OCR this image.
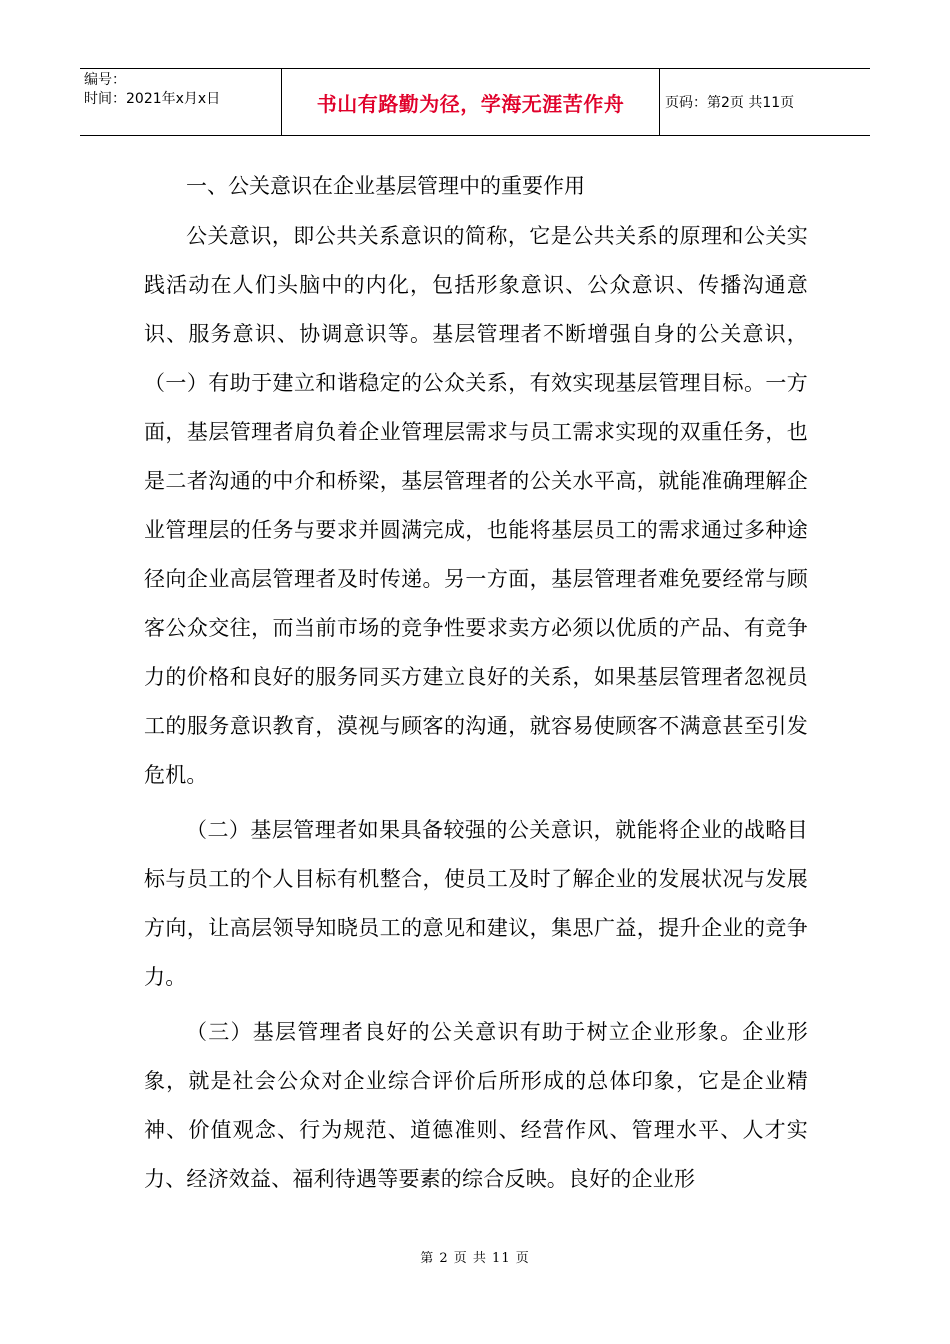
编号：
时间：2021年x月x日	书山有路勤为径，学海无涯苦作舟	页码：第2页 共11页

一、公关意识在企业基层管理中的重要作用

公关意识，即公共关系意识的简称，它是公共关系的原理和公关实践活动在人们头脑中的内化，包括形象意识、公众意识、传播沟通意识、服务意识、协调意识等。基层管理者不断增强自身的公关意识，（一）有助于建立和谐稳定的公众关系，有效实现基层管理目标。一方面，基层管理者肩负着企业管理层需求与员工需求实现的双重任务，也是二者沟通的中介和桥梁，基层管理者的公关水平高，就能准确理解企业管理层的任务与要求并圆满完成，也能将基层员工的需求通过多种途径向企业高层管理者及时传递。另一方面，基层管理者难免要经常与顾客公众交往，而当前市场的竞争性要求卖方必须以优质的产品、有竞争力的价格和良好的服务同买方建立良好的关系，如果基层管理者忽视员工的服务意识教育，漠视与顾客的沟通，就容易使顾客不满意甚至引发危机。

（二）基层管理者如果具备较强的公关意识，就能将企业的战略目标与员工的个人目标有机整合，使员工及时了解企业的发展状况与发展方向，让高层领导知晓员工的意见和建议，集思广益，提升企业的竞争力。

（三）基层管理者良好的公关意识有助于树立企业形象。企业形象，就是社会公众对企业综合评价后所形成的总体印象，它是企业精神、价值观念、行为规范、道德准则、经营作风、管理水平、人才实力、经济效益、福利待遇等要素的综合反映。良好的企业形

第 2 页 共 11 页
